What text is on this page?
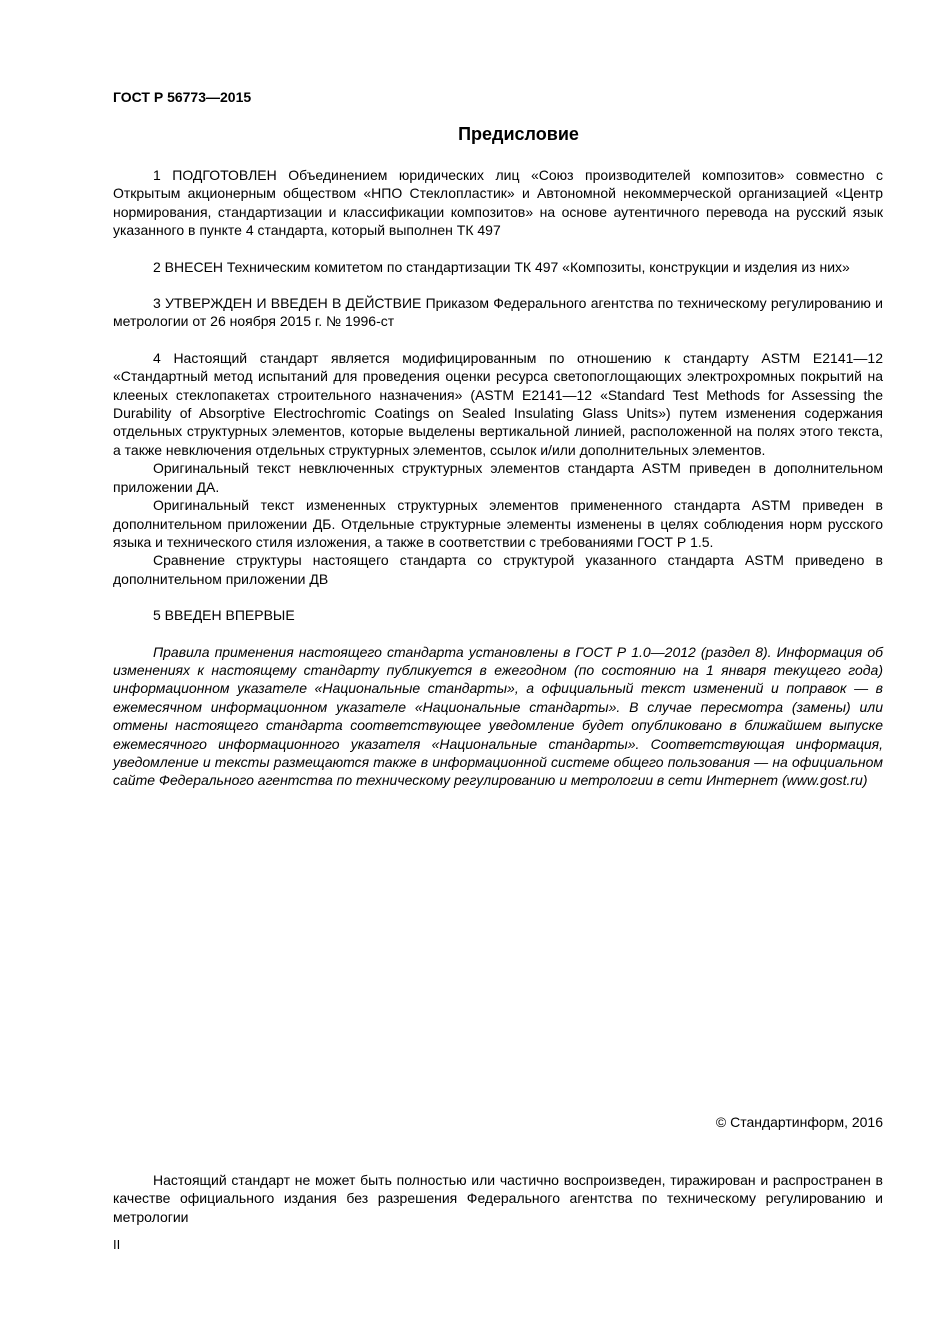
ГОСТ Р 56773—2015
Предисловие

1 ПОДГОТОВЛЕН Объединением юридических лиц «Союз производителей композитов» совместно с Открытым акционерным обществом «НПО Стеклопластик» и Автономной некоммерческой организацией «Центр нормирования, стандартизации и классификации композитов» на основе аутентичного перевода на русский язык указанного в пункте 4 стандарта, который выполнен ТК 497

2 ВНЕСЕН Техническим комитетом по стандартизации ТК 497 «Композиты, конструкции и изделия из них»

3 УТВЕРЖДЕН И ВВЕДЕН В ДЕЙСТВИЕ Приказом Федерального агентства по техническому регулированию и метрологии от 26 ноября 2015 г. № 1996-ст

4 Настоящий стандарт является модифицированным по отношению к стандарту ASTM E2141—12 «Стандартный метод испытаний для проведения оценки ресурса светопоглощающих электрохромных покрытий на клееных стеклопакетах строительного назначения» (ASTM E2141—12 «Standard Test Methods for Assessing the Durability of Absorptive Electrochromic Coatings on Sealed Insulating Glass Units») путем изменения содержания отдельных структурных элементов, которые выделены вертикальной линией, расположенной на полях этого текста, а также невключения отдельных структурных элементов, ссылок и/или дополнительных элементов.

Оригинальный текст невключенных структурных элементов стандарта ASTM приведен в дополнительном приложении ДА.

Оригинальный текст измененных структурных элементов примененного стандарта ASTM приведен в дополнительном приложении ДБ. Отдельные структурные элементы изменены в целях соблюдения норм русского языка и технического стиля изложения, а также в соответствии с требованиями ГОСТ Р 1.5.

Сравнение структуры настоящего стандарта со структурой указанного стандарта ASTM приведено в дополнительном приложении ДВ

5 ВВЕДЕН ВПЕРВЫЕ

Правила применения настоящего стандарта установлены в ГОСТ Р 1.0—2012 (раздел 8). Информация об изменениях к настоящему стандарту публикуется в ежегодном (по состоянию на 1 января текущего года) информационном указателе «Национальные стандарты», а официальный текст изменений и поправок — в ежемесячном информационном указателе «Национальные стандарты». В случае пересмотра (замены) или отмены настоящего стандарта соответствующее уведомление будет опубликовано в ближайшем выпуске ежемесячного информационного указателя «Национальные стандарты». Соответствующая информация, уведомление и тексты размещаются также в информационной системе общего пользования — на официальном сайте Федерального агентства по техническому регулированию и метрологии в сети Интернет (www.gost.ru)

© Стандартинформ, 2016

Настоящий стандарт не может быть полностью или частично воспроизведен, тиражирован и распространен в качестве официального издания без разрешения Федерального агентства по техническому регулированию и метрологии

II
